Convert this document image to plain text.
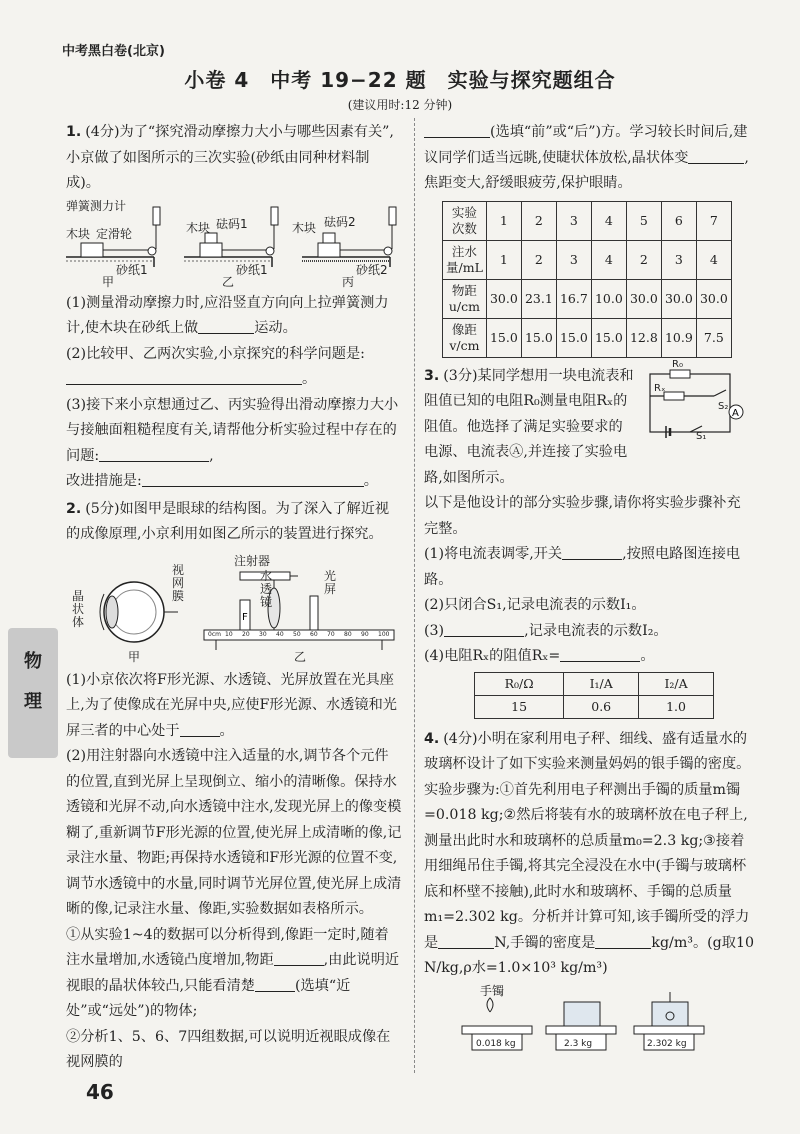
中考黑白卷(北京)
小卷 4　中考 19−22 题　实验与探究题组合
(建议用时:12 分钟)

1. (4分)为了“探究滑动摩擦力大小与哪些因素有关”,小京做了如图所示的三次实验(砂纸由同种材料制成)。

弹簧测力计
木块 定滑轮	木块 砝码1	木块 砝码2
砂纸1	砂纸1	砂纸2
甲	乙	丙

(1)测量滑动摩擦力时,应沿竖直方向向上拉弹簧测力计,使木块在砂纸上做	运动。

(2)比较甲、乙两次实验,小京探究的科学问题是:。

(3)接下来小京想通过乙、丙实验得出滑动摩擦力大小与接触面粗糙程度有关,请帮他分析实验过程中存在的问题:	,

改进措施是:	。

2. (5分)如图甲是眼球的结构图。为了深入了解近视的成像原理,小京利用如图乙所示的装置进行探究。

F
注射器
视网膜
晶状体
水透镜
光屏
甲	乙
0cm 10 20 30 40 50 60 70 80 90 100

(1)小京依次将F形光源、水透镜、光屏放置在光具座上,为了使像成在光屏中央,应使F形光源、水透镜和光屏三者的中心处于	。

(2)用注射器向水透镜中注入适量的水,调节各个元件的位置,直到光屏上呈现倒立、缩小的清晰像。保持水透镜和光屏不动,向水透镜中注水,发现光屏上的像变模糊了,重新调节F形光源的位置,使光屏上成清晰的像,记录注水量、物距;再保持水透镜和F形光源的位置不变,调节水透镜中的水量,同时调节光屏位置,使光屏上成清晰的像,记录注水量、像距,实验数据如表格所示。

①从实验1~4的数据可以分析得到,像距一定时,随着注水量增加,水透镜凸度增加,物距	,由此说明近视眼的晶状体较凸,只能看清楚	(选填“近处”或“远处”)的物体;

②分析1、5、6、7四组数据,可以说明近视眼成像在视网膜的

(选填“前”或“后”)方。学习较长时间后,建议同学们适当远眺,使睫状体放松,晶状体变	,焦距变大,舒缓眼疲劳,保护眼睛。

实验次数	1	2	3	4	5	6	7
注水量/mL	1	2	3	4	2	3	4
物距u/cm	30.0	23.1	16.7	10.0	30.0	30.0	30.0
像距v/cm	15.0	15.0	15.0	15.0	12.8	10.9	7.5

3. (3分)某同学想用一块电流表和阻值已知的电阻R₀测量电阻Rₓ的阻值。他选择了满足实验要求的电源、电流表Ⓐ,并连接了实验电路,如图所示。

A
R₀
Rₓ
S₂
S₁

以下是他设计的部分实验步骤,请你将实验步骤补充完整。

(1)将电流表调零,开关	,按照电路图连接电路。

(2)只闭合S₁,记录电流表的示数I₁。

(3)	,记录电流表的示数I₂。

(4)电阻Rₓ的阻值Rₓ=	。

R₀/Ω	I₁/A	I₂/A
15	0.6	1.0

4. (4分)小明在家利用电子秤、细线、盛有适量水的玻璃杯设计了如下实验来测量妈妈的银手镯的密度。实验步骤为:①首先利用电子秤测出手镯的质量m镯=0.018 kg;②然后将装有水的玻璃杯放在电子秤上,测量出此时水和玻璃杯的总质量m₀=2.3 kg;③接着用细绳吊住手镯,将其完全浸没在水中(手镯与玻璃杯底和杯壁不接触),此时水和玻璃杯、手镯的总质量m₁=2.302 kg。分析并计算可知,该手镯所受的浮力是	N,手镯的密度是	kg/m³。(g取10 N/kg,ρ水=1.0×10³ kg/m³)

手镯
0.018 kg	2.3 kg	2.302 kg
物理
46
